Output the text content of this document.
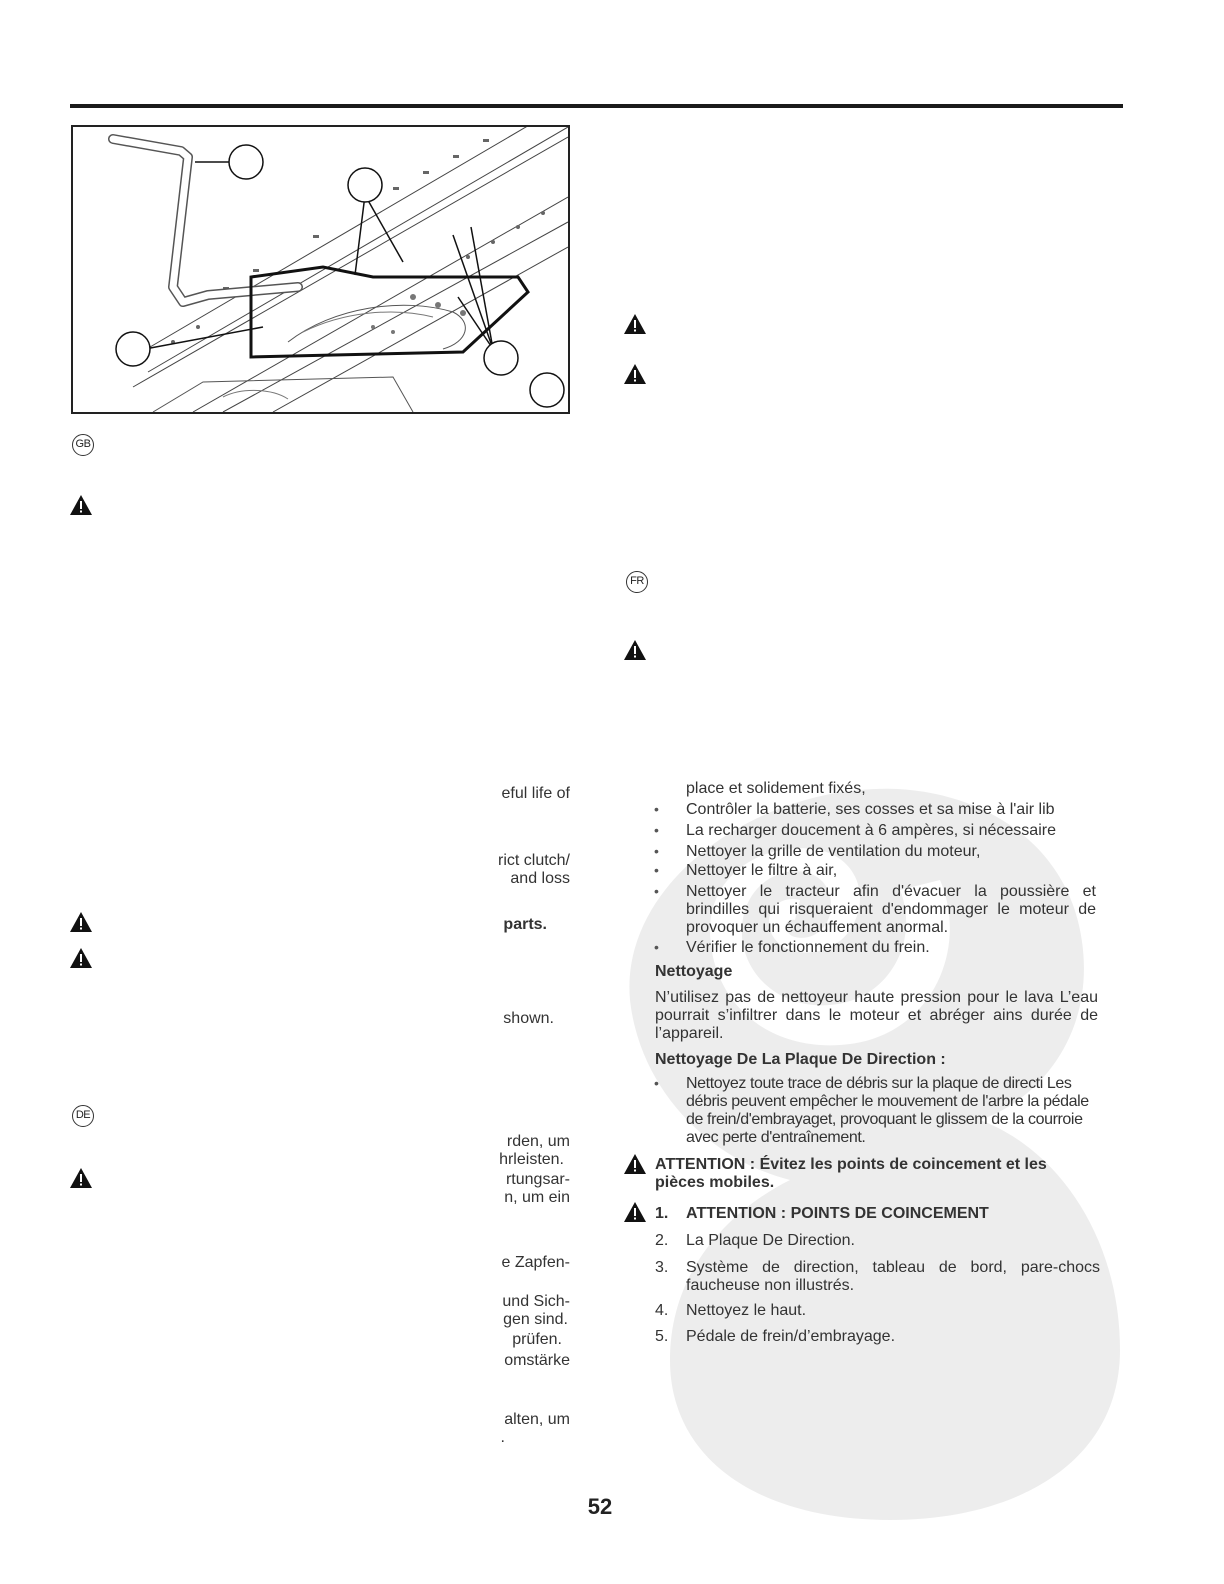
GB
FR
DE
eful life of
rict clutch/
and loss
parts.
shown.
rden, um
hrleisten.
rtungsar-
n, um ein
e Zapfen-
und Sich-
gen sind.
prüfen.
omstärke
alten, um
.
place et solidement fixés,
• Contrôler la batterie, ses cosses et sa mise à l'air lib
• La recharger doucement à 6 ampères, si nécessaire
• Nettoyer la grille de ventilation du moteur,
• Nettoyer le filtre à air,
• Nettoyer le tracteur afin d'évacuer la poussière et brindilles qui risqueraient d'endommager le moteur de provoquer un échauffement anormal.
• Vérifier le fonctionnement du frein.
Nettoyage
N’utilisez pas de nettoyeur haute pression pour le lava L’eau pourrait s’infiltrer dans le moteur et abréger ains durée de l’appareil.
Nettoyage De La Plaque De Direction :
• Nettoyez toute trace de débris sur la plaque de directi Les débris peuvent empêcher le mouvement de l'arbre la pédale de frein/d'embrayaget, provoquant le glissem de la courroie avec perte d'entraînement.
ATTENTION : Évitez les points de coincement et les pièces mobiles.
1. ATTENTION : POINTS DE COINCEMENT
2. La Plaque De Direction.
3. Système de direction, tableau de bord, pare-chocs faucheuse non illustrés.
4. Nettoyez le haut.
5. Pédale de frein/d’embrayage.
52
